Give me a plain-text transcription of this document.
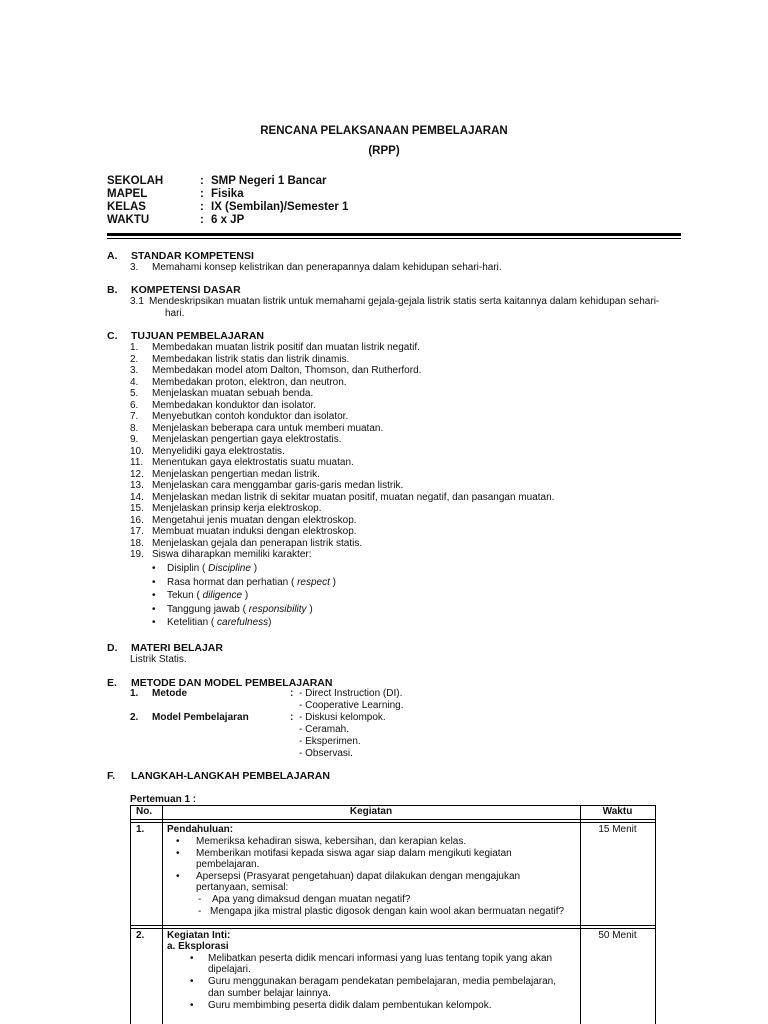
RENCANA PELAKSANAAN PEMBELAJARAN
(RPP)
SEKOLAH	: SMP Negeri 1 Bancar
MAPEL	: Fisika
KELAS	: IX (Sembilan)/Semester 1
WAKTU	: 6 x JP
A. STANDAR KOMPETENSI
3. Memahami konsep kelistrikan dan penerapannya dalam kehidupan sehari-hari.
B. KOMPETENSI DASAR
3.1 Mendeskripsikan muatan listrik untuk memahami gejala-gejala listrik statis serta kaitannya dalam kehidupan sehari-
hari.
C. TUJUAN PEMBELAJARAN
1. Membedakan muatan listrik positif dan muatan listrik negatif.
2. Membedakan listrik statis dan listrik dinamis.
3. Membedakan model atom Dalton, Thomson, dan Rutherford.
4. Membedakan proton, elektron, dan neutron.
5. Menjelaskan muatan sebuah benda.
6. Membedakan konduktor dan isolator.
7. Menyebutkan contoh konduktor dan isolator.
8. Menjelaskan beberapa cara untuk memberi muatan.
9. Menjelaskan pengertian gaya elektrostatis.
10. Menyelidiki gaya elektrostatis.
11. Menentukan gaya elektrostatis suatu muatan.
12. Menjelaskan pengertian medan listrik.
13. Menjelaskan cara menggambar garis-garis medan listrik.
14. Menjelaskan medan listrik di sekitar muatan positif, muatan negatif, dan pasangan muatan.
15. Menjelaskan prinsip kerja elektroskop.
16. Mengetahui jenis muatan dengan elektroskop.
17. Membuat muatan induksi dengan elektroskop.
18. Menjelaskan gejala dan penerapan listrik statis.
19. Siswa diharapkan memiliki karakter:
• Disiplin ( Discipline )
• Rasa hormat dan perhatian ( respect )
• Tekun ( diligence )
• Tanggung jawab ( responsibility )
• Ketelitian ( carefulness)
D. MATERI BELAJAR
Listrik Statis.
E. METODE DAN MODEL PEMBELAJARAN
1. Metode	: - Direct Instruction (DI).
- Cooperative Learning.
2. Model Pembelajaran	: - Diskusi kelompok.
- Ceramah.
- Eksperimen.
- Observasi.
F. LANGKAH-LANGKAH PEMBELAJARAN
Pertemuan 1 :
No.	Kegiatan	Waktu
1. Pendahuluan:	15 Menit
• Memeriksa kehadiran siswa, kebersihan, dan kerapian kelas.
• Memberikan motifasi kepada siswa agar siap dalam mengikuti kegiatan
pembelajaran.
• Apersepsi (Prasyarat pengetahuan) dapat dilakukan dengan mengajukan
pertanyaan, semisal:
- Apa yang dimaksud dengan muatan negatif?
- Mengapa jika mistral plastic digosok dengan kain wool akan bermuatan negatif?
2. Kegiatan Inti:	50 Menit
a. Eksplorasi
• Melibatkan peserta didik mencari informasi yang luas tentang topik yang akan
dipelajari.
• Guru menggunakan beragam pendekatan pembelajaran, media pembelajaran,
dan sumber belajar lainnya.
• Guru membimbing peserta didik dalam pembentukan kelompok.
